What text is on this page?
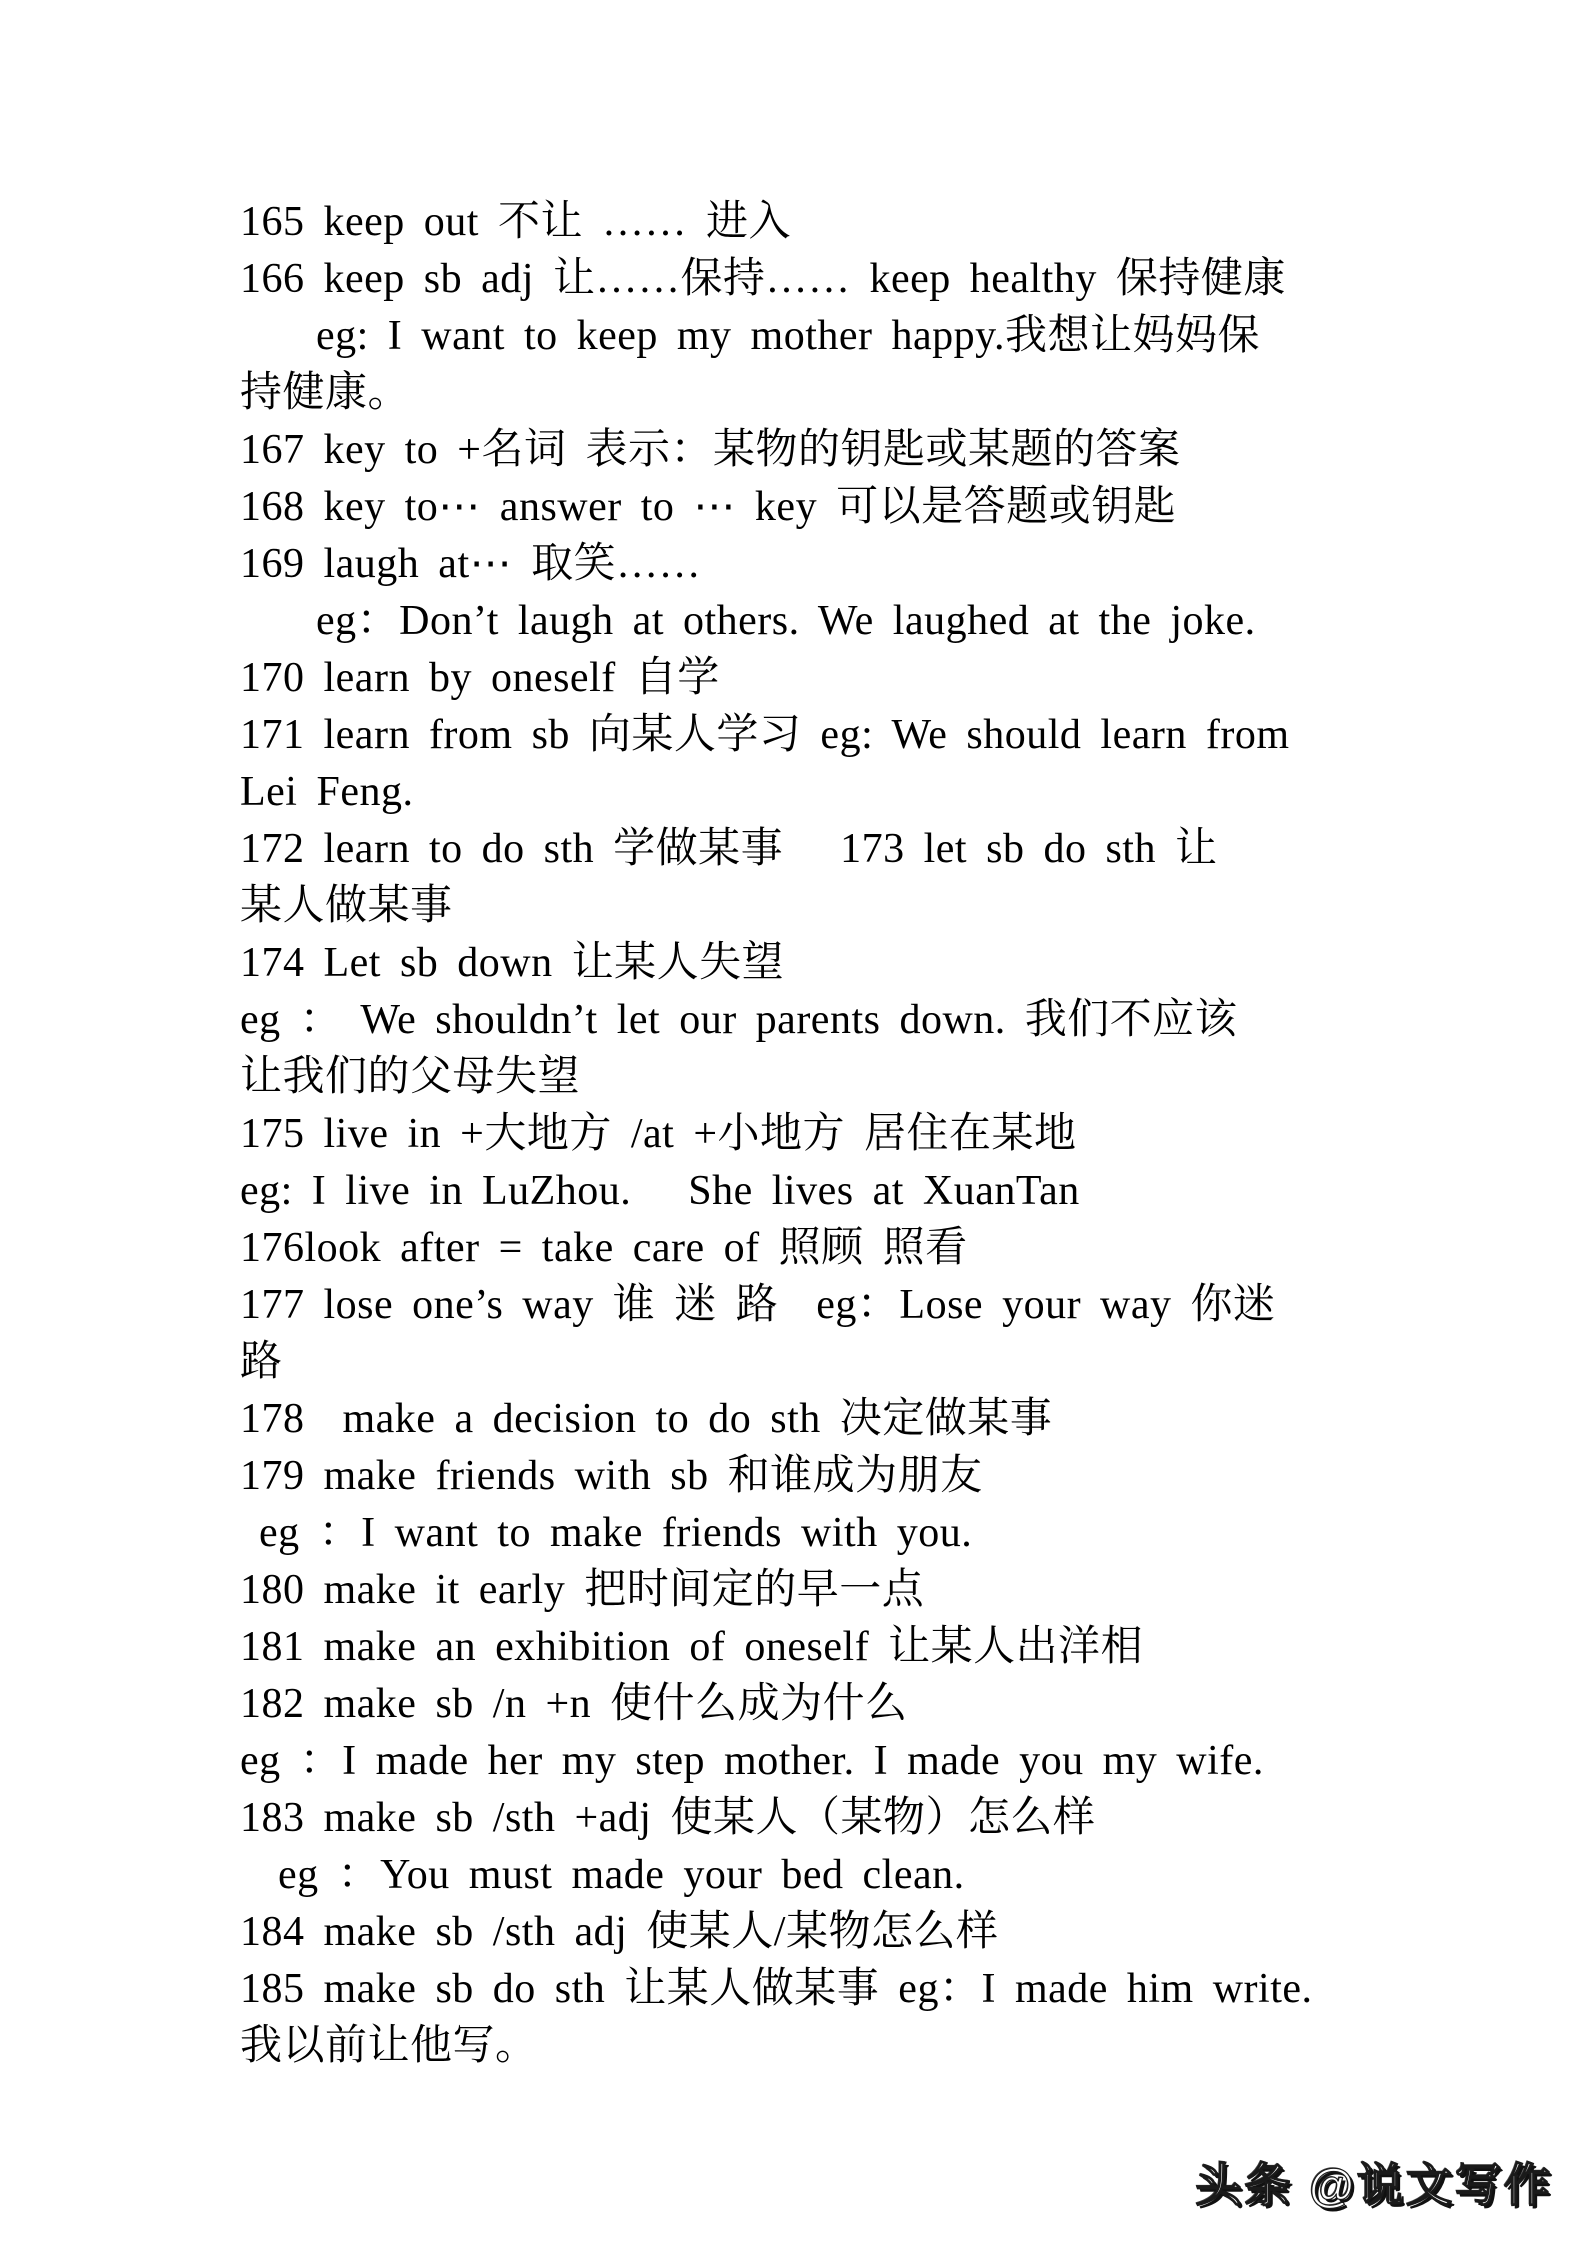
165 keep out 不让 …… 进入
166 keep sb adj 让……保持…… keep healthy 保持健康
eg: I want to keep my mother happy.我想让妈妈保
持健康。
167 key to +名词 表示：某物的钥匙或某题的答案
168 key to⋯ answer to ⋯ key 可以是答题或钥匙
169 laugh at⋯ 取笑……
eg：Don’t laugh at others. We laughed at the joke.
170 learn by oneself 自学
171 learn from sb 向某人学习 eg: We should learn from
Lei Feng.
172 learn to do sth 学做某事   173 let sb do sth 让
某人做某事
174 Let sb down 让某人失望
eg ： We shouldn’t let our parents down. 我们不应该
让我们的父母失望
175 live in +大地方 /at +小地方 居住在某地
eg: I live in LuZhou.   She lives at XuanTan
176look after = take care of 照顾 照看
177 lose one’s way 谁 迷 路  eg：Lose your way 你迷
路
178  make a decision to do sth 决定做某事
179 make friends with sb 和谁成为朋友
eg ：I want to make friends with you.
180 make it early 把时间定的早一点
181 make an exhibition of oneself 让某人出洋相
182 make sb /n +n 使什么成为什么
eg ：I made her my step mother. I made you my wife.
183 make sb /sth +adj 使某人（某物）怎么样
eg ：You must made your bed clean.
184 make sb /sth adj 使某人/某物怎么样
185 make sb do sth 让某人做某事 eg：I made him write.
我以前让他写。
头条 @说文写作
